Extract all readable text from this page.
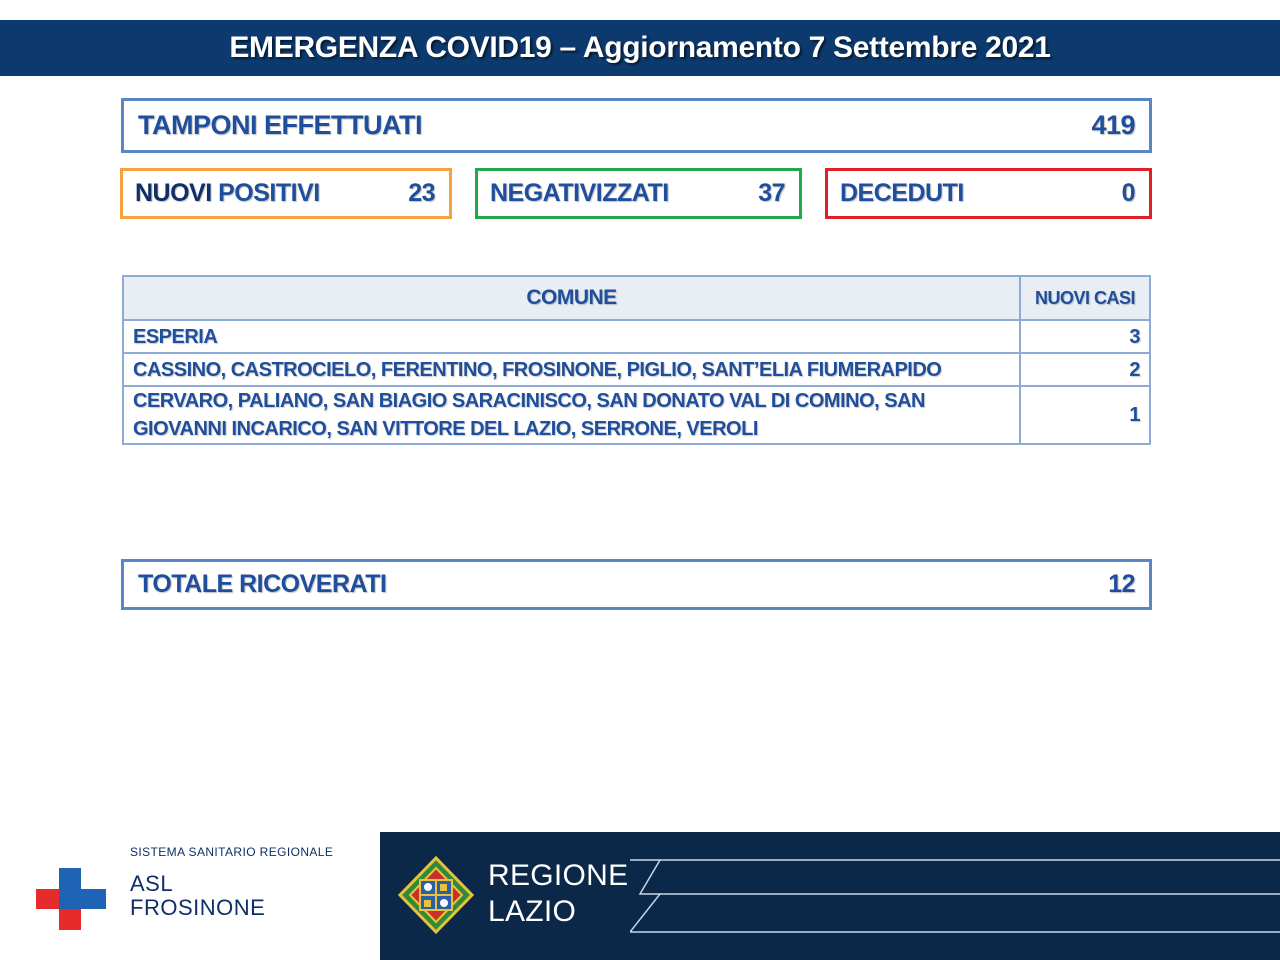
EMERGENZA COVID19 – Aggiornamento 7 Settembre 2021
TAMPONI EFFETTUATI	419
NUOVI POSITIVI	23 NEGATIVIZZATI	37 DECEDUTI	0
COMUNE	NUOVI CASI
ESPERIA	3
CASSINO, CASTROCIELO, FERENTINO, FROSINONE, PIGLIO, SANT’ELIA FIUMERAPIDO	2
CERVARO, PALIANO, SAN BIAGIO SARACINISCO, SAN DONATO VAL DI COMINO, SAN GIOVANNI INCARICO, SAN VITTORE DEL LAZIO, SERRONE, VEROLI	1
TOTALE RICOVERATI	12
SISTEMA SANITARIO REGIONALE
ASL
FROSINONE
REGIONE
LAZIO
